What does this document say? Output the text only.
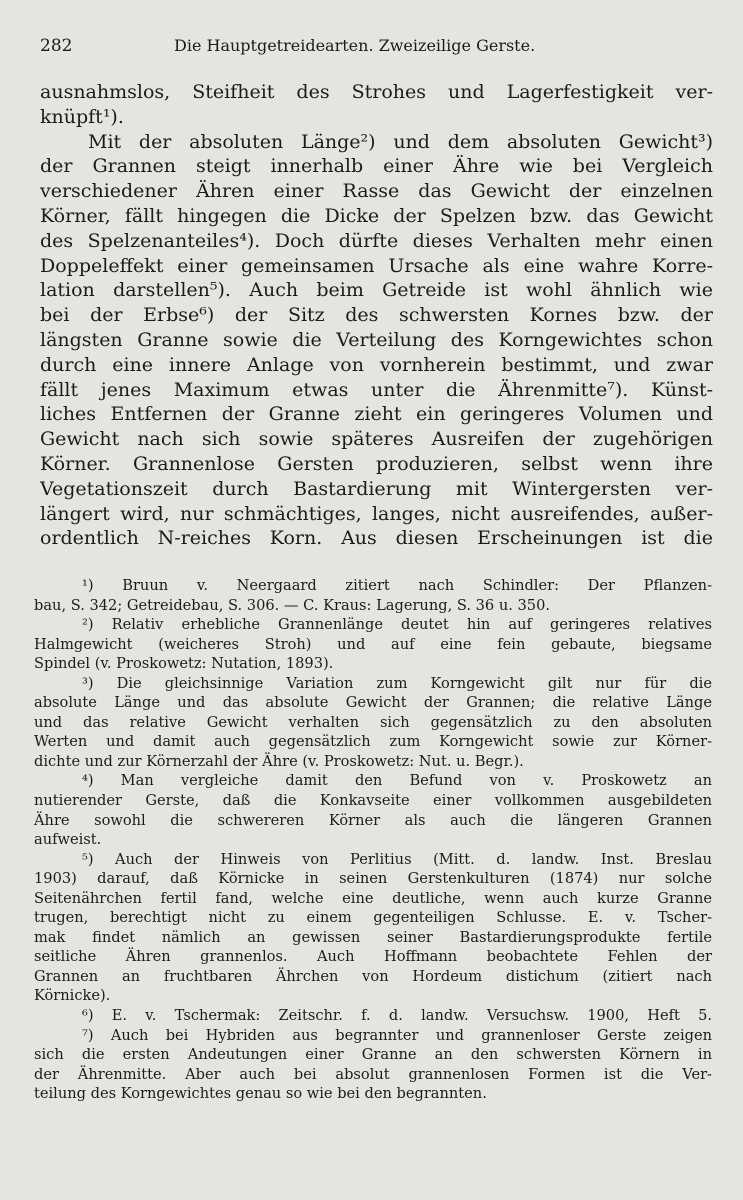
282	Die Hauptgetreidearten. Zweizeilige Gerste.
ausnahmslos, Steifheit des Strohes und Lagerfestigkeit ver-
knüpft¹).
Mit der absoluten Länge²) und dem absoluten Gewicht³)
der Grannen steigt innerhalb einer Ähre wie bei Vergleich
verschiedener Ähren einer Rasse das Gewicht der einzelnen
Körner, fällt hingegen die Dicke der Spelzen bzw. das Gewicht
des Spelzenanteiles⁴). Doch dürfte dieses Verhalten mehr einen
Doppeleffekt einer gemeinsamen Ursache als eine wahre Korre-
lation darstellen⁵). Auch beim Getreide ist wohl ähnlich wie
bei der Erbse⁶) der Sitz des schwersten Kornes bzw. der
längsten Granne sowie die Verteilung des Korngewichtes schon
durch eine innere Anlage von vornherein bestimmt, und zwar
fällt jenes Maximum etwas unter die Ährenmitte⁷). Künst-
liches Entfernen der Granne zieht ein geringeres Volumen und
Gewicht nach sich sowie späteres Ausreifen der zugehörigen
Körner. Grannenlose Gersten produzieren, selbst wenn ihre
Vegetationszeit durch Bastardierung mit Wintergersten ver-
längert wird, nur schmächtiges, langes, nicht ausreifendes, außer-
ordentlich N-reiches Korn. Aus diesen Erscheinungen ist die
¹) Bruun v. Neergaard zitiert nach Schindler: Der Pflanzen-
bau, S. 342; Getreidebau, S. 306. — C. Kraus: Lagerung, S. 36 u. 350.
²) Relativ erhebliche Grannenlänge deutet hin auf geringeres relatives
Halmgewicht (weicheres Stroh) und auf eine fein gebaute, biegsame
Spindel (v. Proskowetz: Nutation, 1893).
³) Die gleichsinnige Variation zum Korngewicht gilt nur für die
absolute Länge und das absolute Gewicht der Grannen; die relative Länge
und das relative Gewicht verhalten sich gegensätzlich zu den absoluten
Werten und damit auch gegensätzlich zum Korngewicht sowie zur Körner-
dichte und zur Körnerzahl der Ähre (v. Proskowetz: Nut. u. Begr.).
⁴) Man vergleiche damit den Befund von v. Proskowetz an
nutierender Gerste, daß die Konkavseite einer vollkommen ausgebildeten
Ähre sowohl die schwereren Körner als auch die längeren Grannen
aufweist.
⁵) Auch der Hinweis von Perlitius (Mitt. d. landw. Inst. Breslau
1903) darauf, daß Körnicke in seinen Gerstenkulturen (1874) nur solche
Seitenährchen fertil fand, welche eine deutliche, wenn auch kurze Granne
trugen, berechtigt nicht zu einem gegenteiligen Schlusse. E. v. Tscher-
mak findet nämlich an gewissen seiner Bastardierungsprodukte fertile
seitliche Ähren grannenlos. Auch Hoffmann beobachtete Fehlen der
Grannen an fruchtbaren Ährchen von Hordeum distichum (zitiert nach
Körnicke).
⁶) E. v. Tschermak: Zeitschr. f. d. landw. Versuchsw. 1900, Heft 5.
⁷) Auch bei Hybriden aus begrannter und grannenloser Gerste zeigen
sich die ersten Andeutungen einer Granne an den schwersten Körnern in
der Ährenmitte. Aber auch bei absolut grannenlosen Formen ist die Ver-
teilung des Korngewichtes genau so wie bei den begrannten.
